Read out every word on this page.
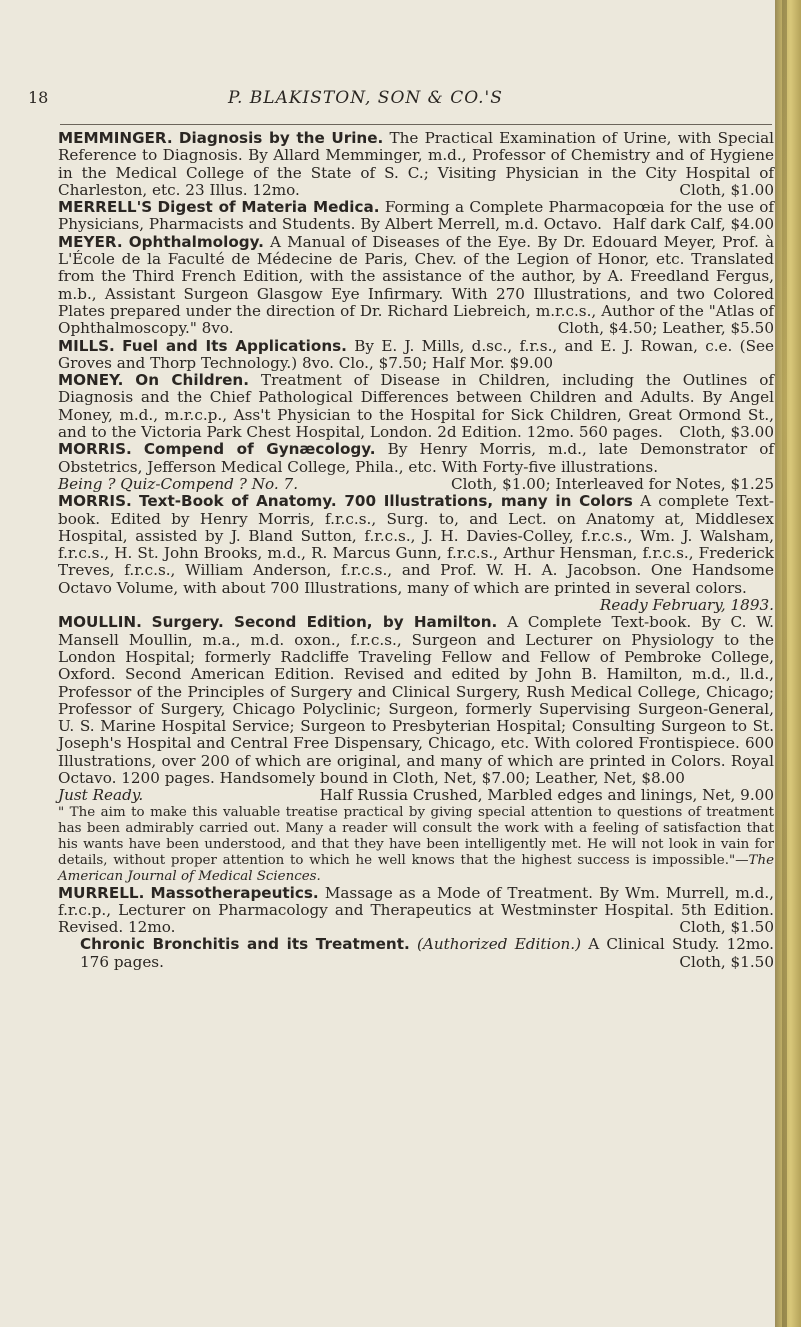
18	P. BLAKISTON, SON & CO.'S
MEMMINGER. Diagnosis by the Urine. The Practical Examination of Urine, with Special Reference to Diagnosis. By Allard Memminger, m.d., Professor of Chemistry and of Hygiene in the Medical College of the State of S. C.; Visiting Physician in the City Hospital of Charleston, etc. 23 Illus. 12mo.	Cloth, $1.00
MERRELL'S Digest of Materia Medica. Forming a Complete Pharmacopœia for the use of Physicians, Pharmacists and Students. By Albert Merrell, m.d. Octavo. Half dark Calf, $4.00
MEYER. Ophthalmology. A Manual of Diseases of the Eye. By Dr. Edouard Meyer, Prof. à L'École de la Faculté de Médecine de Paris, Chev. of the Legion of Honor, etc. Translated from the Third French Edition, with the assistance of the author, by A. Freedland Fergus, m.b., Assistant Surgeon Glasgow Eye Infirmary. With 270 Illustrations, and two Colored Plates prepared under the direction of Dr. Richard Liebreich, m.r.c.s., Author of the "Atlas of Ophthalmoscopy." 8vo.	Cloth, $4.50; Leather, $5.50
MILLS. Fuel and Its Applications. By E. J. Mills, d.sc., f.r.s., and E. J. Rowan, c.e. (See Groves and Thorp Technology.) 8vo. Clo., $7.50; Half Mor. $9.00
MONEY. On Children. Treatment of Disease in Children, including the Outlines of Diagnosis and the Chief Pathological Differences between Children and Adults. By Angel Money, m.d., m.r.c.p., Ass't Physician to the Hospital for Sick Children, Great Ormond St., and to the Victoria Park Chest Hospital, London. 2d Edition. 12mo. 560 pages. Cloth, $3.00
MORRIS. Compend of Gynæcology. By Henry Morris, m.d., late Demonstrator of Obstetrics, Jefferson Medical College, Phila., etc. With Forty-five illustrations.
Being ? Quiz-Compend ? No. 7.	Cloth, $1.00; Interleaved for Notes, $1.25
MORRIS. Text-Book of Anatomy. 700 Illustrations, many in Colors A complete Text-book. Edited by Henry Morris, f.r.c.s., Surg. to, and Lect. on Anatomy at, Middlesex Hospital, assisted by J. Bland Sutton, f.r.c.s., J. H. Davies-Colley, f.r.c.s., Wm. J. Walsham, f.r.c.s., H. St. John Brooks, m.d., R. Marcus Gunn, f.r.c.s., Arthur Hensman, f.r.c.s., Frederick Treves, f.r.c.s., William Anderson, f.r.c.s., and Prof. W. H. A. Jacobson. One Handsome Octavo Volume, with about 700 Illustrations, many of which are printed in several colors.
Ready February, 1893.
MOULLIN. Surgery. Second Edition, by Hamilton. A Complete Text-book. By C. W. Mansell Moullin, m.a., m.d. oxon., f.r.c.s., Surgeon and Lecturer on Physiology to the London Hospital; formerly Radcliffe Traveling Fellow and Fellow of Pembroke College, Oxford. Second American Edition. Revised and edited by John B. Hamilton, m.d., ll.d., Professor of the Principles of Surgery and Clinical Surgery, Rush Medical College, Chicago; Professor of Surgery, Chicago Polyclinic; Surgeon, formerly Supervising Surgeon-General, U. S. Marine Hospital Service; Surgeon to Presbyterian Hospital; Consulting Surgeon to St. Joseph's Hospital and Central Free Dispensary, Chicago, etc. With colored Frontispiece. 600 Illustrations, over 200 of which are original, and many of which are printed in Colors. Royal Octavo. 1200 pages. Handsomely bound in Cloth, Net, $7.00; Leather, Net, $8.00
Just Ready.	Half Russia Crushed, Marbled edges and linings, Net, 9.00
" The aim to make this valuable treatise practical by giving special attention to questions of treatment has been admirably carried out. Many a reader will consult the work with a feeling of satisfaction that his wants have been understood, and that they have been intelligently met. He will not look in vain for details, without proper attention to which he well knows that the highest success is impossible."—The American Journal of Medical Sciences.
MURRELL. Massotherapeutics. Massage as a Mode of Treatment. By Wm. Murrell, m.d., f.r.c.p., Lecturer on Pharmacology and Therapeutics at Westminster Hospital. 5th Edition. Revised. 12mo.	Cloth, $1.50
Chronic Bronchitis and its Treatment. (Authorized Edition.) A Clinical Study. 12mo. 176 pages.	Cloth, $1.50
